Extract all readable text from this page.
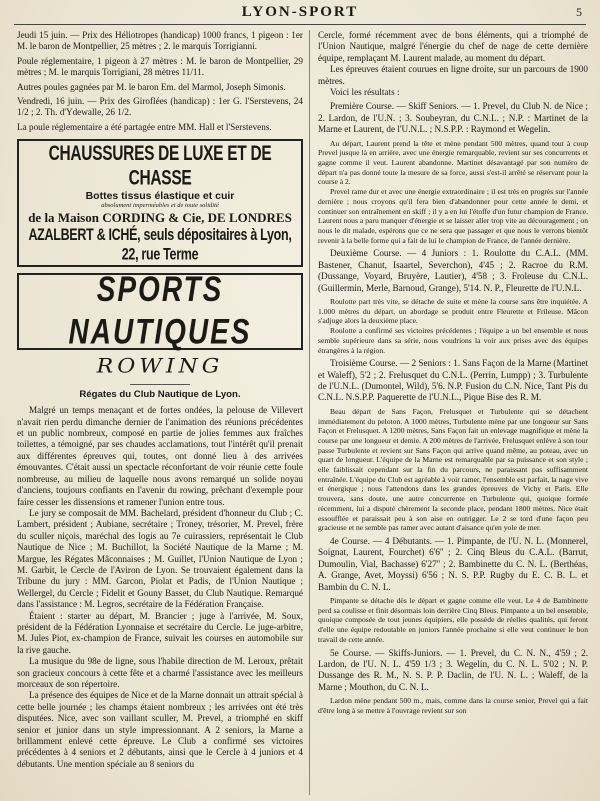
LYON-SPORT	5

Jeudi 15 juin. — Prix des Héliotropes (handicap) 1000 francs, 1 pigeon : 1er M. le baron de Montpellier, 25 mètres ; 2. le marquis Torrigianni.

Poule réglementaire, 1 pigeon à 27 mètres : M. le baron de Montpellier, 29 mètres ; M. le marquis Torrigiani, 28 mètres 11/11.

Autres poules gagnées par M. le baron Em. del Marmol, Joseph Simonis.

Vendredi, 16 juin. — Prix des Giroflées (handicap) : 1er G. l'Serstevens, 24 1/2 ; 2. Th. d'Ydewalle, 26 1/2.

La poule réglementaire a été partagée entre MM. Hall et l'Serstevens.

CHAUSSURES DE LUXE ET DE CHASSE
Bottes tissus élastique et cuir
absolument imperméables et de toute solidité
de la Maison CORDING & Cie, DE LONDRES
AZALBERT & ICHÉ, seuls dépositaires à Lyon, 22, rue Terme
SPORTS NAUTIQUES
ROWING
Régates du Club Nautique de Lyon.

Malgré un temps menaçant et de fortes ondées, la pelouse de Villevert n'avait rien perdu dimanche dernier de l'animation des réunions précédentes et un public nombreux, composé en partie de jolies femmes aux fraîches toilettes, a témoigné, par ses chaudes acclamations, tout l'intérêt qu'il prenait aux différentes épreuves qui, toutes, ont donné lieu à des arrivées émouvantes. C'était aussi un spectacle réconfortant de voir réunie cette foule nombreuse, au milieu de laquelle nous avons remarqué un solide noyau d'anciens, toujours confiants en l'avenir du rowing, prêchant d'exemple pour faire cesser les dissensions et ramener l'union entre tous.

Le jury se composait de MM. Bachelard, président d'honneur du Club ; C. Lambert, président ; Aubiane, secrétaire ; Troney, trésorier, M. Prevel, frère du sculler niçois, maréchal des logis au 7e cuirassiers, représentait le Club Nautique de Nice ; M. Buchillot, la Société Nautique de la Marne ; M. Margue, les Régates Mâconnaises ; M. Guillet, l'Union Nautique de Lyon ; M. Garbit, le Cercle de l'Aviron de Lyon. Se trouvaient également dans la Tribune du jury : MM. Garcon, Piolat et Padis, de l'Union Nautique ; Wellergel, du Cercle ; Fidelit et Gouny Basset, du Club Nautique. Remarqué dans l'assistance : M. Legros, secrétaire de la Fédération Française.

Étaient : starter au départ, M. Brancier ; juge à l'arrivée, M. Soux, président de la Fédération Lyonnaise et secrétaire du Cercle. Le juge-arbitre, M. Jules Piot, ex-champion de France, suivait les courses en automobile sur la rive gauche.

La musique du 98e de ligne, sous l'habile direction de M. Leroux, prêtait son gracieux concours à cette fête et a charmé l'assistance avec les meilleurs morceaux de son répertoire.

La présence des équipes de Nice et de la Marne donnait un attrait spécial à cette belle journée ; les champs étaient nombreux ; les arrivées ont été très disputées. Nice, avec son vaillant sculler, M. Prevel, a triomphé en skiff senior et junior dans un style impressionnant. A 2 seniors, la Marne a brillamment enlevé cette épreuve. Le Club a confirmé ses victoires précédentes à 4 seniors et 2 débutants, ainsi que le Cercle à 4 juniors et 4 débutants. Une mention spéciale au 8 seniors du

Cercle, formé récemment avec de bons éléments, qui a triomphé de l'Union Nautique, malgré l'énergie du chef de nage de cette dernière équipe, remplaçant M. Laurent malade, au moment du départ.

Les épreuves étaient courues en ligne droite, sur un parcours de 1900 mètres.

Voici les résultats :

Première Course. — Skiff Seniors. — 1. Prevel, du Club N. de Nice ; 2. Lardon, de l'U.N. ; 3. Soubeyran, du C.N.L. ; N.P. : Martinet de la Marne et Laurent, de l'U.N.L. ; N.S.P.P. : Raymond et Wegelin.

Au départ, Laurent prend la tête et mène pendant 500 mètres, quand tout à coup Prevel jusque là en arrière, avec une énergie remarquable, revient sur ses concurrents et gagne comme il veut. Laurent abandonne. Martinet désavantagé par son numéro de départ n'a pas donné toute la mesure de sa force, aussi s'est-il arrêté se réservant pour la course à 2.

Prevel rame dur et avec une énergie extraordinaire ; il est très en progrès sur l'année dernière ; nous croyons qu'il fera bien d'abandonner pour cette année le demi, et continuer son entraînement en skiff ; il y a en lui l'étoffe d'un futur champion de France. Laurent nous a paru manquer d'énergie et se laisser aller trop vite au découragement ; on nous le dit malade, espérons que ce ne sera que passager et que nous le verrons bientôt revenir à la belle forme qui a fait de lui le champion de France, de l'année dernière.

Deuxième Course. — 4 Juniors : 1. Roulotte du C.A.L. (MM. Bastener, Chanut, Isaartel, Severchon), 4'45 ; 2. Racroe du R.M. (Dussange, Voyard, Bruyère, Lautier), 4'58 ; 3. Froleuse du C.N.L. (Guillermin, Merle, Barnoud, Grange), 5'14. N. P., Fleurette de l'U.N.L.

Roulotte part très vite, se détache de suite et mène la course sans être inquiétée. A 1.000 mètres du départ, un abordage se produit entre Fleurette et Frileuse. Mâcon s'adjuge alors la deuxième place.

Roulotte a confirmé ses victoires précédentes ; l'équipe a un bel ensemble et nous semble supérieure dans sa série, nous voudrions la voir aux prises avec des équipes étrangères à la région.

Troisième Course. — 2 Seniors : 1. Sans Façon de la Marne (Martinet et Waleff), 5'2 ; 2. Frelusquet du C.N.L. (Perrin, Lumpp) ; 3. Turbulente de l'U.N.L. (Dumontel, Wild), 5'6. N.P. Fusion du C.N. Nice, Tant Pis du C.N.L. N.S.P.P. Paquerette de l'U.N.L., Pique Bise des R. M.

Beau départ de Sans Façon, Frelusquet et Turbulente qui se détachent immédiatement du peloton. A 1000 mètres, Turbulente mène par une longueur sur Sans Façon et Frelusquet. A 1200 mètres, Sans Façon fait un enlevage magnifique et mène la course par une longueur et demie. A 200 mètres de l'arrivée, Frelusquet enlève à son tour passe Turbulente et revient sur Sans Façon qui arrive quand même, au poteau, avec un quart de longueur. L'équipe de la Marne est remarquable par sa puissance et son style ; elle faiblissait cependant sur la fin du parcours, ne paraissant pas suffisamment entraînée. L'équipe du Club est agréable à voir ramer, l'ensemble est parfait, la nage vive et énergique ; nous l'attendons dans les grandes épreuves de Vichy et Paris. Elle trouvera, sans doute, une autre concurrente en Turbulente qui, quoique formée récemment, lui a disputé chèrement la seconde place, pendant 1800 mètres. Nice était essoufflée et paraissait peu à son aise en outrigger. Le 2 se tord d'une façon peu gracieuse et ne semble pas ramer avec autant d'aisance qu'en yole de mer.

4e Course. — 4 Débutants. — 1. Pimpante, de l'U. N. L. (Monnerel, Soignat, Laurent, Fourchet) 6'6'' ; 2. Cinq Bleus du C.A.L. (Barrut, Dumoulin, Vial, Bachasse) 6'27'' ; 2. Bambinette du C. N. L. (Berthéas, A. Grange, Avet, Moyssi) 6'56 ; N. S. P.P. Rugby du E. C. B. L. et Bambin du C. N. L.

Pimpante se détache dès le départ et gagne comme elle veut. Le 4 de Bambinette perd sa coulisse et finit désormais loin derrière Cinq Bleus. Pimpante a un bel ensemble, quoique composée de tout jeunes équipiers, elle possède de réelles qualités, qui feront d'elle une équipe redoutable en juniors l'année prochaine si elle veut continuer le bon travail de cette année.

5e Course. — Skiffs-Juniors. — 1. Prevel, du C. N. N., 4'59 ; 2. Lardon, de l'U. N. L. 4'59 1/3 ; 3. Wegelin, du C. N. L. 5'02 ; N. P. Dussange des R. M., N. S. P. P. Daclin, de l'U. N. L. ; Waleff, de la Marne ; Mouthon, du C. N. L.

Lardon mène pendant 500 m., mais, comme dans la course senior, Prevel qui a fait d'être long à se mettre à l'ouvrage revient sur son
